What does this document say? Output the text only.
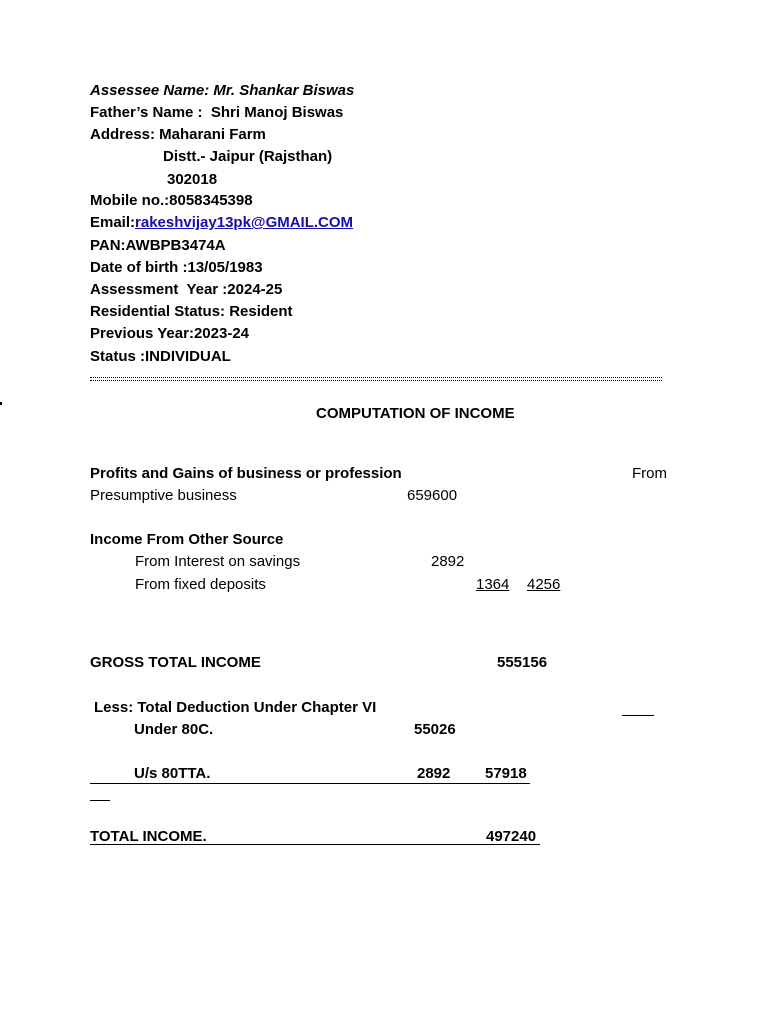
Assessee Name: Mr. Shankar Biswas
Father’s Name :  Shri Manoj Biswas
Address: Maharani Farm
Distt.- Jaipur (Rajsthan)
302018
Mobile no.:8058345398
Email:rakeshvijay13pk@GMAIL.COM
PAN:AWBPB3474A
Date of birth :13/05/1983
Assessment  Year :2024-25
Residential Status: Resident
Previous Year:2023-24
Status :INDIVIDUAL
COMPUTATION OF INCOME
Profits and Gains of business or profession	From
Presumptive business	659600
Income From Other Source
From Interest on savings	2892
From fixed deposits	1364 4256
GROSS TOTAL INCOME	555156
Less: Total Deduction Under Chapter VI
Under 80C.	55026
U/s 80TTA.	2892 57918
TOTAL INCOME.	497240
